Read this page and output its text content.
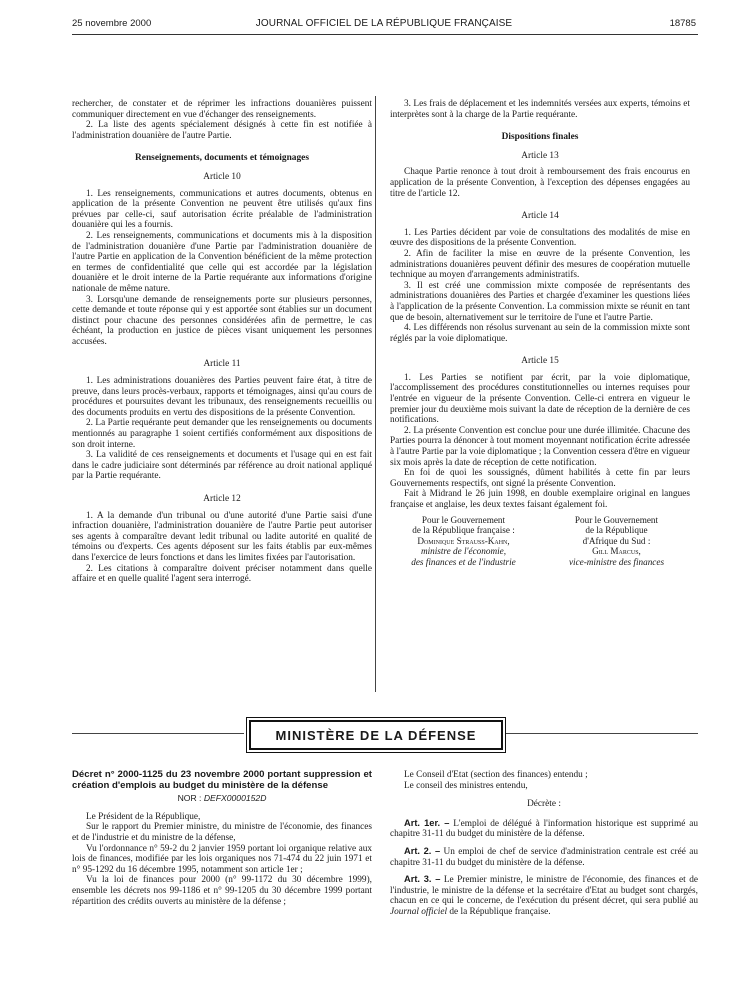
25 novembre 2000	JOURNAL OFFICIEL DE LA RÉPUBLIQUE FRANÇAISE	18785

rechercher, de constater et de réprimer les infractions douanières puissent communiquer directement en vue d'échanger des renseignements.

2. La liste des agents spécialement désignés à cette fin est notifiée à l'administration douanière de l'autre Partie.

Renseignements, documents et témoignages
Article 10

1. Les renseignements, communications et autres documents, obtenus en application de la présente Convention ne peuvent être utilisés qu'aux fins prévues par celle-ci, sauf autorisation écrite préalable de l'administration douanière qui les a fournis.

2. Les renseignements, communications et documents mis à la disposition de l'administration douanière d'une Partie par l'administration douanière de l'autre Partie en application de la Convention bénéficient de la même protection en termes de confidentialité que celle qui est accordée par la législation douanière et le droit interne de la Partie requérante aux informations d'origine nationale de même nature.

3. Lorsqu'une demande de renseignements porte sur plusieurs personnes, cette demande et toute réponse qui y est apportée sont établies sur un document distinct pour chacune des personnes considérées afin de permettre, le cas échéant, la production en justice de pièces visant uniquement les personnes accusées.

Article 11

1. Les administrations douanières des Parties peuvent faire état, à titre de preuve, dans leurs procès-verbaux, rapports et témoignages, ainsi qu'au cours de procédures et poursuites devant les tribunaux, des renseignements recueillis ou des documents produits en vertu des dispositions de la présente Convention.

2. La Partie requérante peut demander que les renseignements ou documents mentionnés au paragraphe 1 soient certifiés conformément aux dispositions de son droit interne.

3. La validité de ces renseignements et documents et l'usage qui en est fait dans le cadre judiciaire sont déterminés par référence au droit national appliqué par la Partie requérante.

Article 12

1. A la demande d'un tribunal ou d'une autorité d'une Partie saisi d'une infraction douanière, l'administration douanière de l'autre Partie peut autoriser ses agents à comparaître devant ledit tribunal ou ladite autorité en qualité de témoins ou d'experts. Ces agents déposent sur les faits établis par eux-mêmes dans l'exercice de leurs fonctions et dans les limites fixées par l'autorisation.

2. Les citations à comparaître doivent préciser notamment dans quelle affaire et en quelle qualité l'agent sera interrogé.

3. Les frais de déplacement et les indemnités versées aux experts, témoins et interprètes sont à la charge de la Partie requérante.

Dispositions finales
Article 13

Chaque Partie renonce à tout droit à remboursement des frais encourus en application de la présente Convention, à l'exception des dépenses engagées au titre de l'article 12.

Article 14

1. Les Parties décident par voie de consultations des modalités de mise en œuvre des dispositions de la présente Convention.

2. Afin de faciliter la mise en œuvre de la présente Convention, les administrations douanières peuvent définir des mesures de coopération mutuelle technique au moyen d'arrangements administratifs.

3. Il est créé une commission mixte composée de représentants des administrations douanières des Parties et chargée d'examiner les questions liées à l'application de la présente Convention. La commission mixte se réunit en tant que de besoin, alternativement sur le territoire de l'une et l'autre Partie.

4. Les différends non résolus survenant au sein de la commission mixte sont réglés par la voie diplomatique.

Article 15

1. Les Parties se notifient par écrit, par la voie diplomatique, l'accomplissement des procédures constitutionnelles ou internes requises pour l'entrée en vigueur de la présente Convention. Celle-ci entrera en vigueur le premier jour du deuxième mois suivant la date de réception de la dernière de ces notifications.

2. La présente Convention est conclue pour une durée illimitée. Chacune des Parties pourra la dénoncer à tout moment moyennant notification écrite adressée à l'autre Partie par la voie diplomatique ; la Convention cessera d'être en vigueur six mois après la date de réception de cette notification.

En foi de quoi les soussignés, dûment habilités à cette fin par leurs Gouvernements respectifs, ont signé la présente Convention.

Fait à Midrand le 26 juin 1998, en double exemplaire original en langues française et anglaise, les deux textes faisant également foi.

Pour le Gouvernement
de la République française :
Dominique Strauss-Kahn,
ministre de l'économie,
des finances et de l'industrie
Pour le Gouvernement
de la République
d'Afrique du Sud :
Gill Marcus,
vice-ministre des finances
MINISTÈRE DE LA DÉFENSE

Décret n° 2000-1125 du 23 novembre 2000 portant suppression et création d'emplois au budget du ministère de la défense

NOR : DEFX0000152D

Le Président de la République,

Sur le rapport du Premier ministre, du ministre de l'économie, des finances et de l'industrie et du ministre de la défense,

Vu l'ordonnance n° 59-2 du 2 janvier 1959 portant loi organique relative aux lois de finances, modifiée par les lois organiques nos 71-474 du 22 juin 1971 et n° 95-1292 du 16 décembre 1995, notamment son article 1er ;

Vu la loi de finances pour 2000 (n° 99-1172 du 30 décembre 1999), ensemble les décrets nos 99-1186 et n° 99-1205 du 30 décembre 1999 portant répartition des crédits ouverts au ministère de la défense ;

Le Conseil d'Etat (section des finances) entendu ;

Le conseil des ministres entendu,

Décrète :

Art. 1er. – L'emploi de délégué à l'information historique est supprimé au chapitre 31-11 du budget du ministère de la défense.

Art. 2. – Un emploi de chef de service d'administration centrale est créé au chapitre 31-11 du budget du ministère de la défense.

Art. 3. – Le Premier ministre, le ministre de l'économie, des finances et de l'industrie, le ministre de la défense et la secrétaire d'Etat au budget sont chargés, chacun en ce qui le concerne, de l'exécution du présent décret, qui sera publié au Journal officiel de la République française.
